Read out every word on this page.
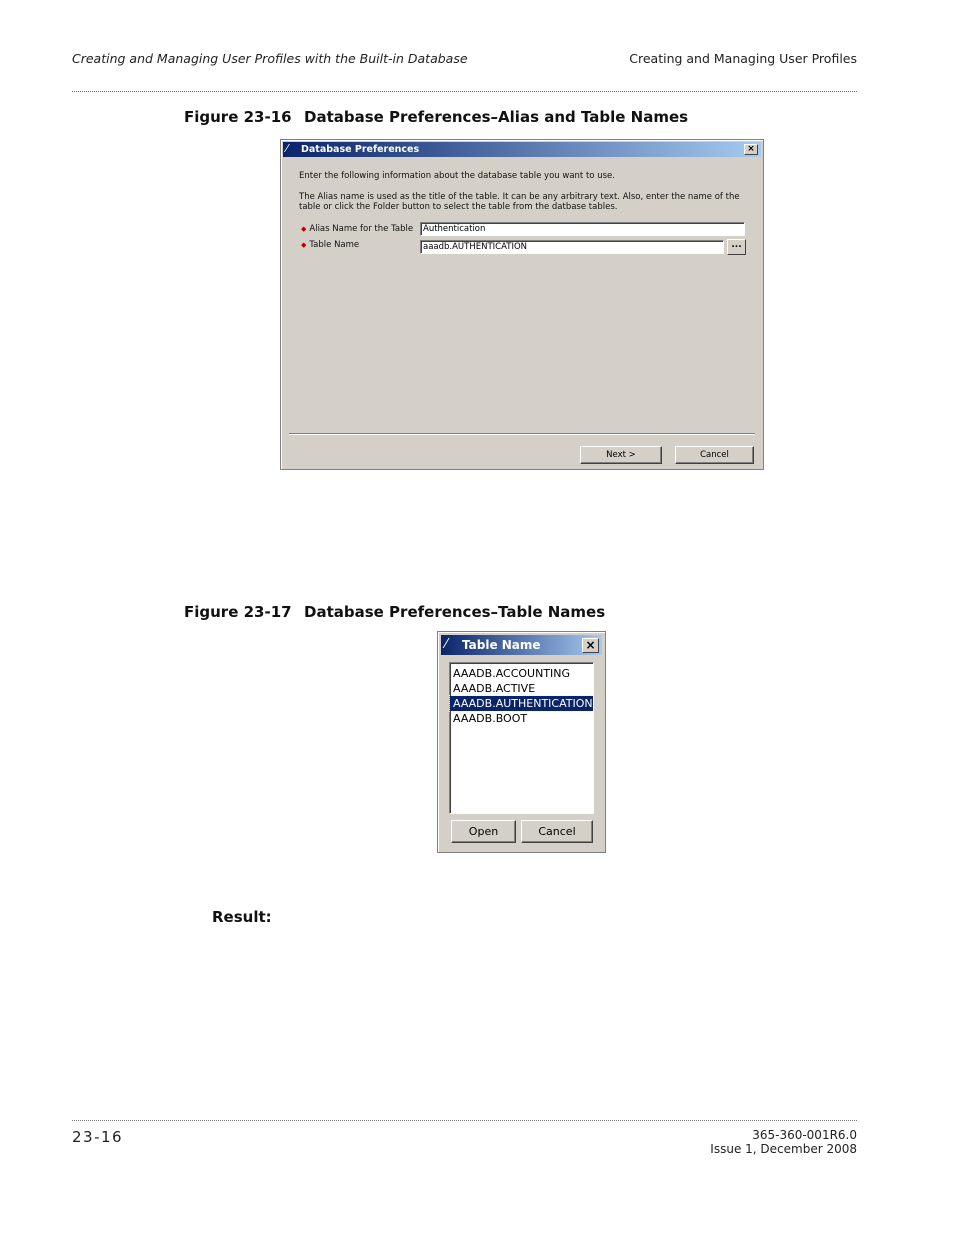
Creating and Managing User Profiles with the Built-in Database	Creating and Managing User Profiles
Figure 23-16 Database Preferences–Alias and Table Names
⁄	Database Preferences	×
Enter the following information about the database table you want to use.
The Alias name is used as the title of the table. It can be any arbitrary text. Also, enter the name of the table or click the Folder button to select the table from the datbase tables.
◆ Alias Name for the Table	Authentication
◆ Table Name	aaadb.AUTHENTICATION	...
Next >	Cancel
Figure 23-17 Database Preferences–Table Names
⁄ Table Name	×
AAADB.ACCOUNTING
AAADB.ACTIVE
AAADB.AUTHENTICATION
AAADB.BOOT
Open	Cancel
Result:
23-16	365-360-001R6.0
Issue 1, December 2008
